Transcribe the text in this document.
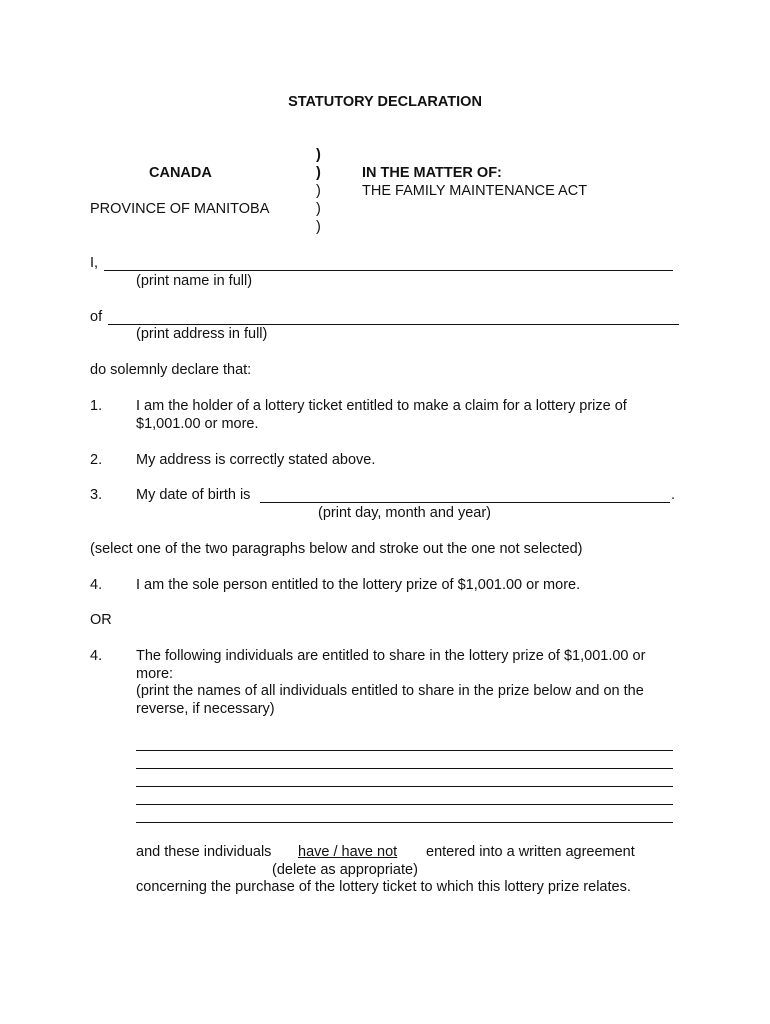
STATUTORY DECLARATION
CANADA
PROVINCE OF MANITOBA
)
)
)
)
)
IN THE MATTER OF:
THE FAMILY MAINTENANCE ACT
I,
(print name in full)
of
(print address in full)
do solemnly declare that:
1. I am the holder of a lottery ticket entitled to make a claim for a lottery prize of
$1,001.00 or more.
2. My address is correctly stated above.
3. My date of birth is	.
(print day, month and year)
(select one of the two paragraphs below and stroke out the one not selected)
4. I am the sole person entitled to the lottery prize of $1,001.00 or more.
OR
4. The following individuals are entitled to share in the lottery prize of $1,001.00 or
more:
(print the names of all individuals entitled to share in the prize below and on the
reverse, if necessary)
and these individuals have / have not entered into a written agreement
(delete as appropriate)
concerning the purchase of the lottery ticket to which this lottery prize relates.
